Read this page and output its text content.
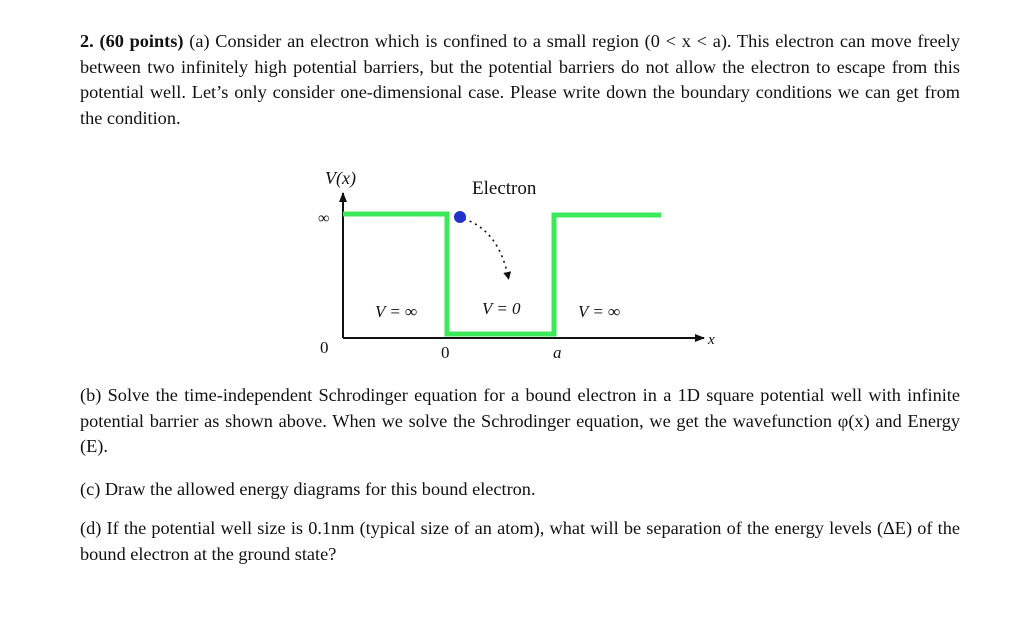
2. (60 points) (a) Consider an electron which is confined to a small region (0 < x < a). This electron can move freely between two infinitely high potential barriers, but the potential barriers do not allow the electron to escape from this potential well. Let’s only consider one-dimensional case. Please write down the boundary conditions we can get from the condition.

V(x)
∞
0	x
Electron
V = ∞	V = 0	V = ∞
0	a

(b) Solve the time-independent Schrodinger equation for a bound electron in a 1D square potential well with infinite potential barrier as shown above. When we solve the Schrodinger equation, we get the wavefunction φ(x) and Energy (E).

(c) Draw the allowed energy diagrams for this bound electron.

(d) If the potential well size is 0.1nm (typical size of an atom), what will be separation of the energy levels (ΔE) of the bound electron at the ground state?
